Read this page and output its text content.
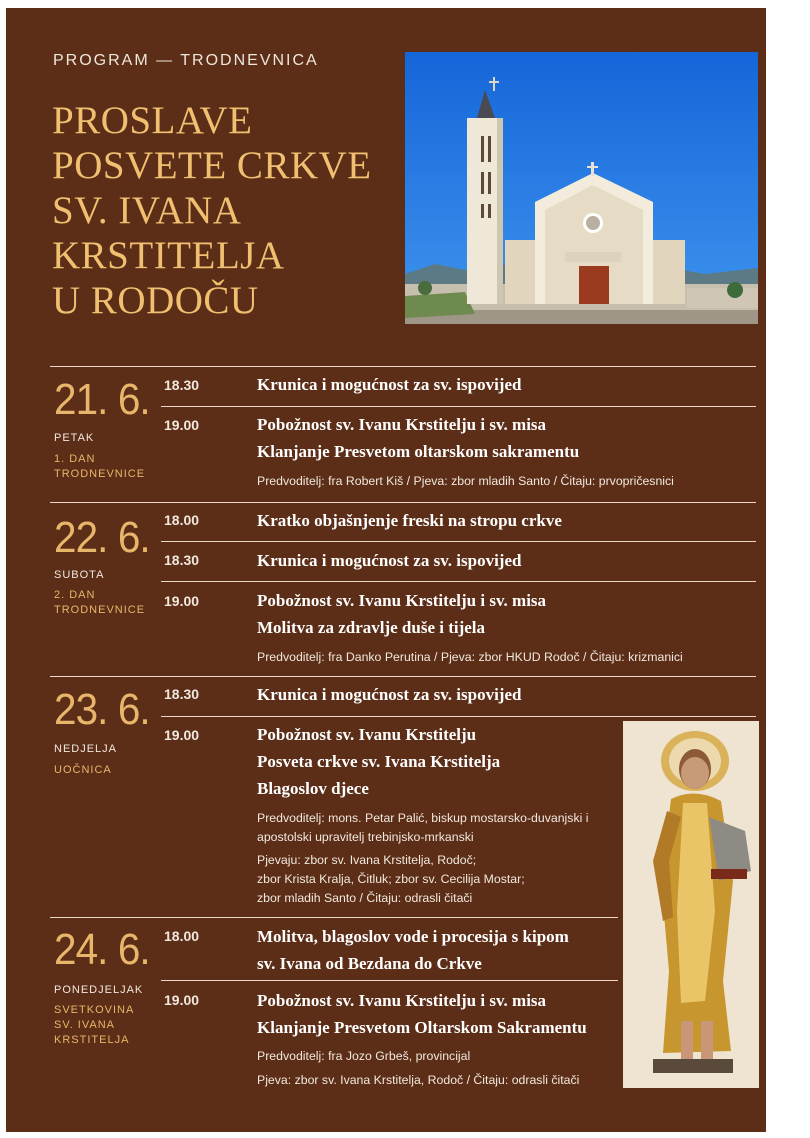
PROGRAM — TRODNEVNICA
PROSLAVE
POSVETE CRKVE
SV. IVANA
KRSTITELJA
U RODOČU
21. 6.
PETAK
1. DAN
TRODNEVNICE
18.30	Krunica i mogućnost za sv. ispovijed
19.00	Pobožnost sv. Ivanu Krstitelju i sv. misa
Klanjanje Presvetom oltarskom sakramentu
Predvoditelj: fra Robert Kiš / Pjeva: zbor mladih Santo / Čitaju: prvopričesnici
22. 6.
SUBOTA
2. DAN
TRODNEVNICE
18.00	Kratko objašnjenje freski na stropu crkve
18.30	Krunica i mogućnost za sv. ispovijed
19.00	Pobožnost sv. Ivanu Krstitelju i sv. misa
Molitva za zdravlje duše i tijela
Predvoditelj: fra Danko Perutina / Pjeva: zbor HKUD Rodoč / Čitaju: krizmanici
23. 6.
NEDJELJA
UOČNICA
18.30	Krunica i mogućnost za sv. ispovijed
19.00	Pobožnost sv. Ivanu Krstitelju
Posveta crkve sv. Ivana Krstitelja
Blagoslov djece
Predvoditelj: mons. Petar Palić, biskup mostarsko-duvanjski i
apostolski upravitelj trebinjsko-mrkanski
Pjevaju: zbor sv. Ivana Krstitelja, Rodoč;
zbor Krista Kralja, Čitluk; zbor sv. Cecilija Mostar;
zbor mladih Santo / Čitaju: odrasli čitači
24. 6.
PONEDJELJAK
SVETKOVINA
SV. IVANA
KRSTITELJA
18.00	Molitva, blagoslov vode i procesija s kipom
sv. Ivana od Bezdana do Crkve
19.00	Pobožnost sv. Ivanu Krstitelju i sv. misa
Klanjanje Presvetom Oltarskom Sakramentu
Predvoditelj: fra Jozo Grbeš, provincijal
Pjeva: zbor sv. Ivana Krstitelja, Rodoč / Čitaju: odrasli čitači
